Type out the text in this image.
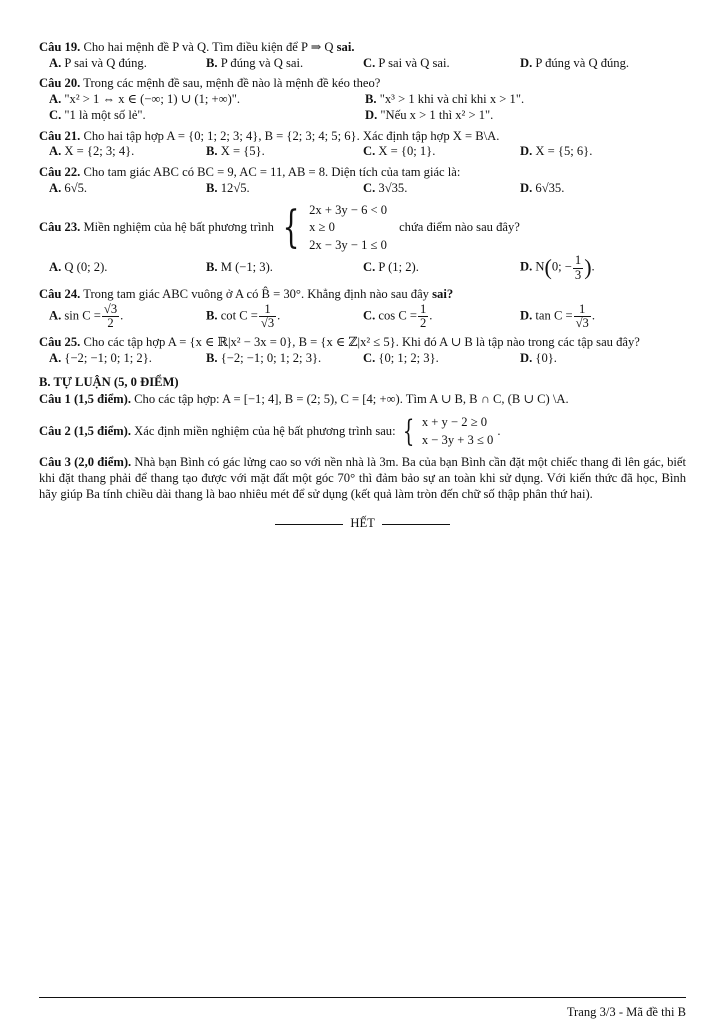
Câu 19. Cho hai mệnh đề P và Q. Tìm điều kiện để P ⇒ Q sai.
A. P sai và Q đúng.	B. P đúng và Q sai.	C. P sai và Q sai.	D. P đúng và Q đúng.
Câu 20. Trong các mệnh đề sau, mệnh đề nào là mệnh đề kéo theo?
A. "x² > 1 ⇔ x ∈ (−∞; 1) ∪ (1; +∞)".	B. "x³ > 1 khi và chỉ khi x > 1".
C. "1 là một số lẻ".	D. "Nếu x > 1 thì x² > 1".
Câu 21. Cho hai tập hợp A = {0; 1; 2; 3; 4}, B = {2; 3; 4; 5; 6}. Xác định tập hợp X = B\A.
A. X = {2; 3; 4}.	B. X = {5}.	C. X = {0; 1}.	D. X = {5; 6}.
Câu 22. Cho tam giác ABC có BC = 9, AC = 11, AB = 8. Diện tích của tam giác là:
A. 6√5.	B. 12√5.	C. 3√35.	D. 6√35.
Câu 23.
Miền nghiệm của hệ bất phương trình
{ 2x + 3y − 6 < 0
x ≥ 0
2x − 3y − 1 ≤ 0
chứa điểm nào sau đây?
A. Q (0; 2).	B. M (−1; 3).	C. P (1; 2).	D. N(0; − $\frac{1}{3}$ ).
Câu 24. Trong tam giác ABC vuông ở A có B̂ = 30°. Khẳng định nào sau đây sai?
A. $\sin C = \frac{√3}{2}$ .	B. $\cot C = \frac{1}{√3}$ .	C. $\cos C = \frac{1}{2}$ .	D. $\tan C = \frac{1}{√3}$ .
Câu 25. Cho các tập hợp A = {x ∈ ℝ|x² − 3x = 0}, B = {x ∈ ℤ|x² ≤ 5}. Khi đó A ∪ B là tập nào trong các tập sau đây?
A. {−2; −1; 0; 1; 2}.	B. {−2; −1; 0; 1; 2; 3}.	C. {0; 1; 2; 3}.	D. {0}.
B. TỰ LUẬN (5, 0 ĐIỂM)
Câu 1 (1,5 điểm). Cho các tập hợp: A = [−1; 4], B = (2; 5), C = [4; +∞). Tìm A ∪ B, B ∩ C, (B ∪ C) \A.
Câu 2 (1,5 điểm).
Xác định miền nghiệm của hệ bất phương trình sau:
{ x + y − 2 ≥ 0
x − 3y + 3 ≤ 0
.
Câu 3 (2,0 điểm). Nhà bạn Bình có gác lửng cao so với nền nhà là 3m. Ba của bạn Bình cần đặt một chiếc thang đi lên gác, biết khi đặt thang phải để thang tạo được với mặt đất một góc 70° thì đảm bảo sự an toàn khi sử dụng. Với kiến thức đã học, Bình hãy giúp Ba tính chiều dài thang là bao nhiêu mét để sử dụng (kết quả làm tròn đến chữ số thập phân thứ hai).
HẾT
Trang 3/3 - Mã đề thi B
